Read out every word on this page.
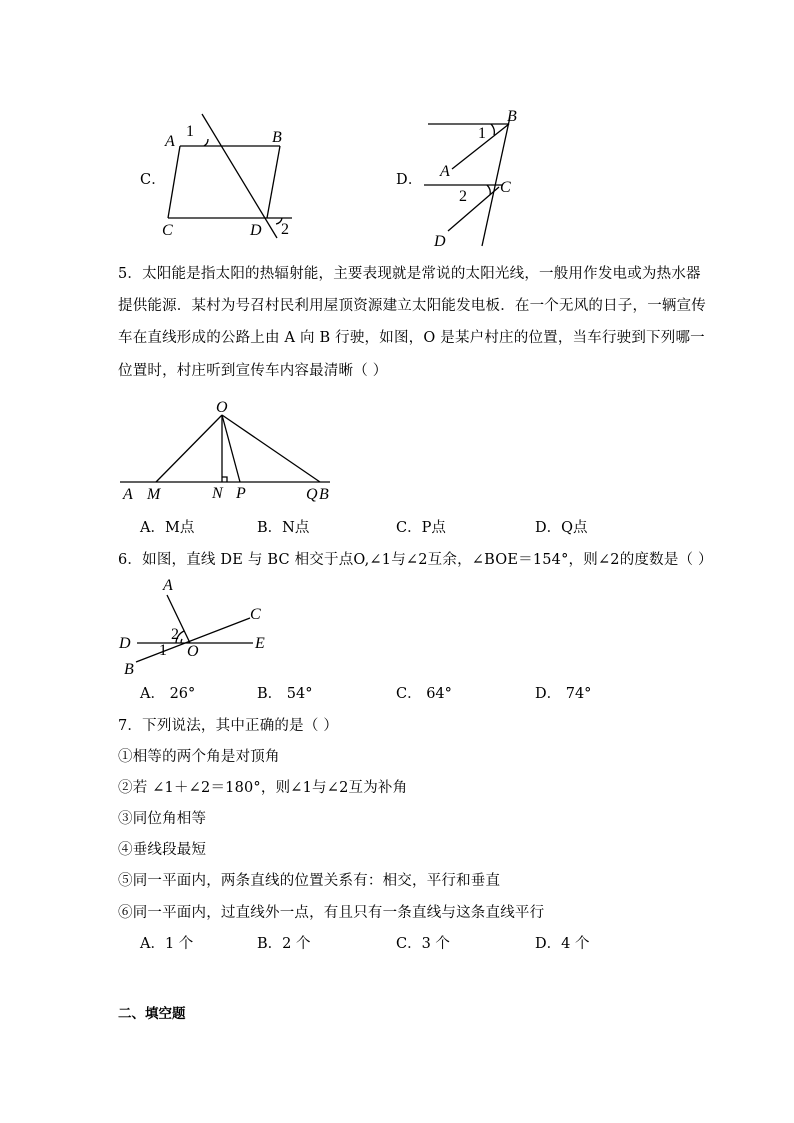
C．
A	B
C	D
1
2
D．
B
A
C
D
1
2
5．太阳能是指太阳的热辐射能，主要表现就是常说的太阳光线，一般用作发电或为热水器
提供能源．某村为号召村民利用屋顶资源建立太阳能发电板．在一个无风的日子，一辆宣传
车在直线形成的公路上由 A 向 B 行驶，如图，O 是某户村庄的位置，当车行驶到下列哪一
位置时，村庄听到宣传车内容最清晰（ ）
O
A M	N P	Q B
A．M点	B．N点	C．P点	D．Q点
6．如图，直线 DE 与 BC 相交于点O,∠1与∠2互余，∠BOE＝154°，则∠2的度数是（ ）
A
C
D	E
O
B
2
1
A． 26°	B． 54°	C． 64°	D． 74°
7．下列说法，其中正确的是（ ）
①相等的两个角是对顶角
②若 ∠1＋∠2＝180°，则∠1与∠2互为补角
③同位角相等
④垂线段最短
⑤同一平面内，两条直线的位置关系有：相交，平行和垂直
⑥同一平面内，过直线外一点，有且只有一条直线与这条直线平行
A．1 个	B．2 个	C．3 个	D．4 个
二、填空题
